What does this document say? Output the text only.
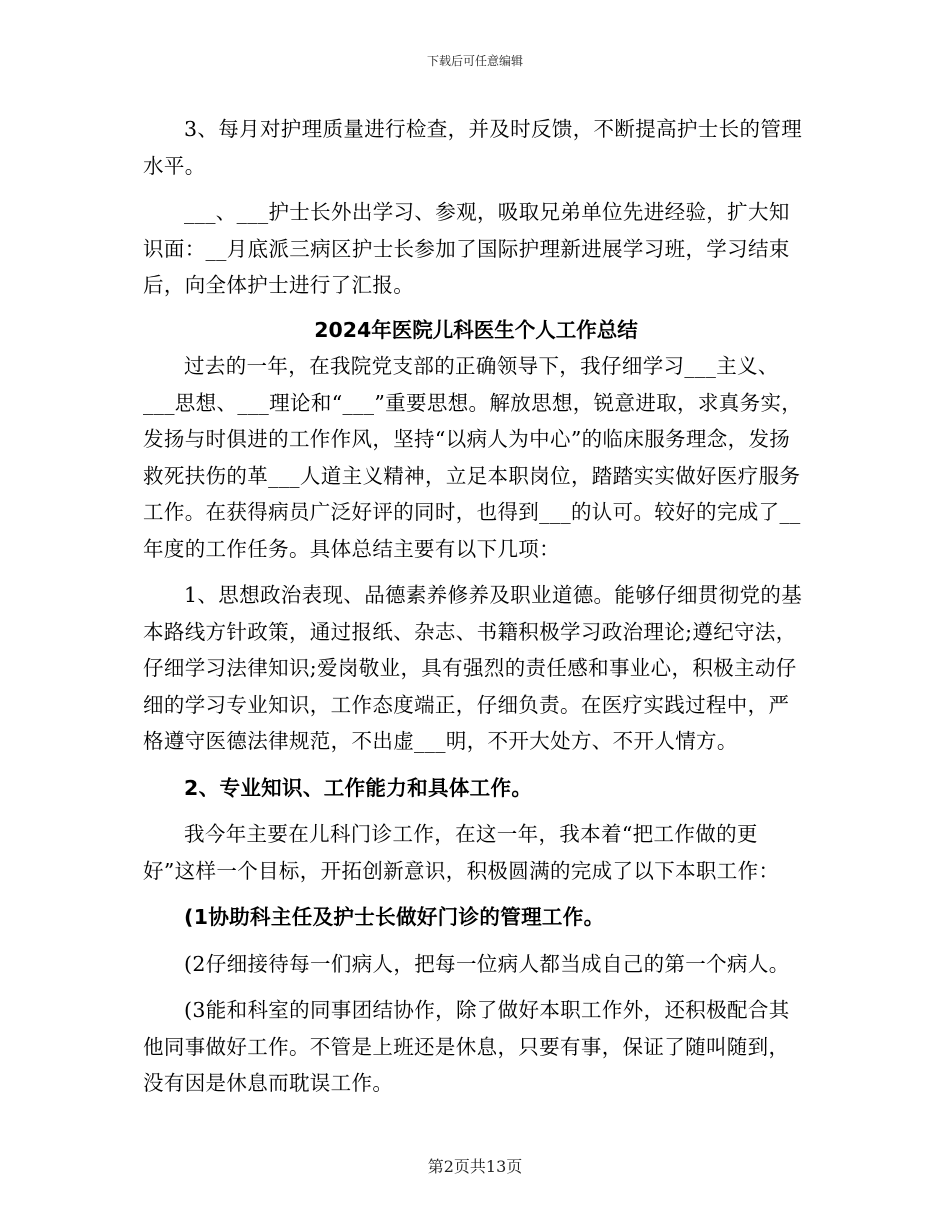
下载后可任意编辑

3、每月对护理质量进行检查，并及时反馈，不断提高护士长的管理水平。

___、___护士长外出学习、参观，吸取兄弟单位先进经验，扩大知识面：__月底派三病区护士长参加了国际护理新进展学习班，学习结束后，向全体护士进行了汇报。

2024年医院儿科医生个人工作总结

过去的一年，在我院党支部的正确领导下，我仔细学习___主义、___思想、___理论和“___”重要思想。解放思想，锐意进取，求真务实，发扬与时俱进的工作作风，坚持“以病人为中心”的临床服务理念，发扬救死扶伤的革___人道主义精神，立足本职岗位，踏踏实实做好医疗服务工作。在获得病员广泛好评的同时，也得到___的认可。较好的完成了__年度的工作任务。具体总结主要有以下几项：

1、思想政治表现、品德素养修养及职业道德。能够仔细贯彻党的基本路线方针政策，通过报纸、杂志、书籍积极学习政治理论;遵纪守法，仔细学习法律知识;爱岗敬业，具有强烈的责任感和事业心，积极主动仔细的学习专业知识，工作态度端正，仔细负责。在医疗实践过程中，严格遵守医德法律规范，不出虚___明，不开大处方、不开人情方。

2、专业知识、工作能力和具体工作。

我今年主要在儿科门诊工作，在这一年，我本着“把工作做的更好”这样一个目标，开拓创新意识，积极圆满的完成了以下本职工作：

(1协助科主任及护士长做好门诊的管理工作。

(2仔细接待每一们病人，把每一位病人都当成自己的第一个病人。

(3能和科室的同事团结协作，除了做好本职工作外，还积极配合其他同事做好工作。不管是上班还是休息，只要有事，保证了随叫随到，没有因是休息而耽误工作。

第2页共13页
